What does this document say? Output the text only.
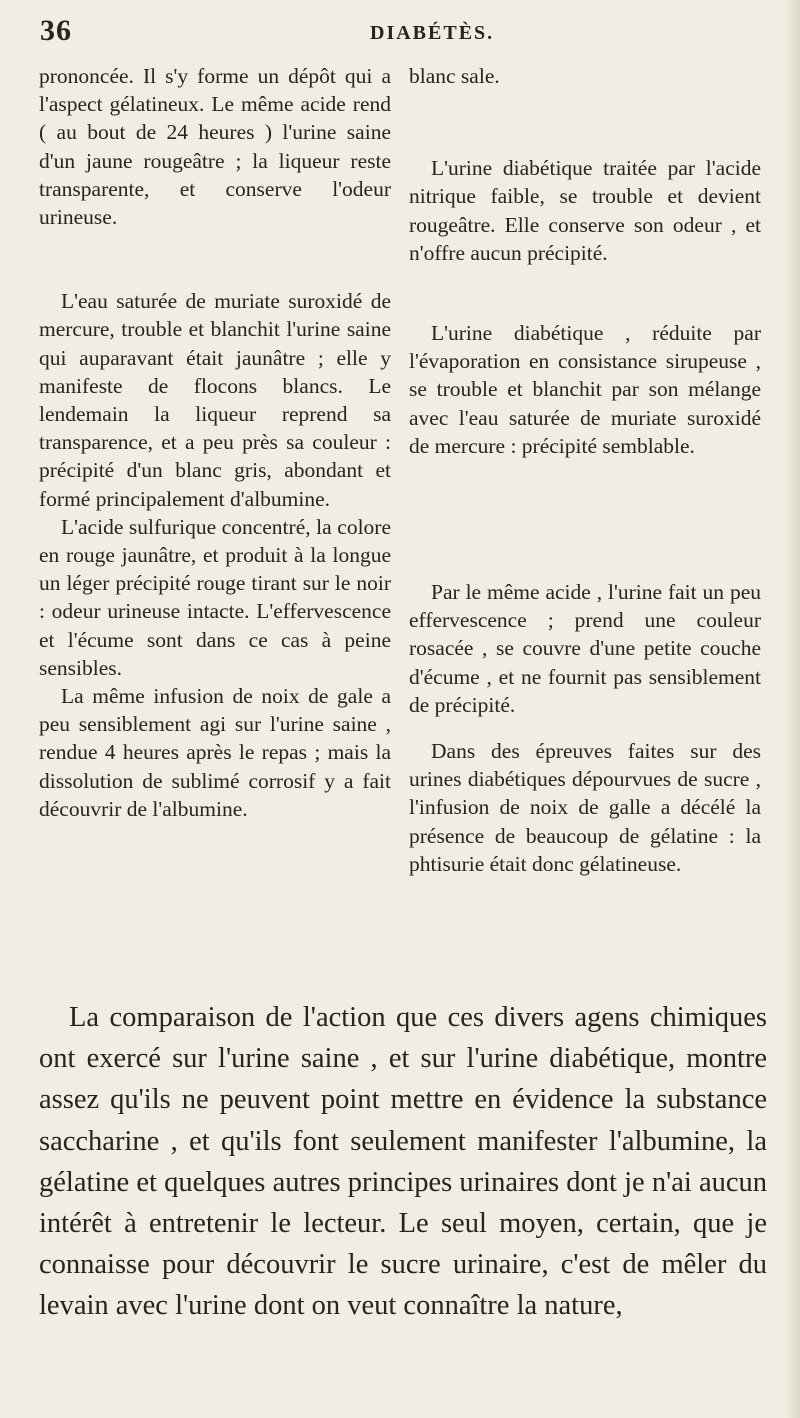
36	DIABÉTÈS.

prononcée. Il s'y forme un dépôt qui a l'aspect gélatineux. Le même acide rend ( au bout de 24 heures ) l'urine saine d'un jaune rougeâtre ; la liqueur reste transparente, et conserve l'odeur urineuse.

L'eau saturée de muriate suroxidé de mercure, trouble et blanchit l'urine saine qui auparavant était jaunâtre ; elle y manifeste de flocons blancs. Le lendemain la liqueur reprend sa transparence, et a peu près sa couleur : précipité d'un blanc gris, abondant et formé principalement d'albumine.

L'acide sulfurique concentré, la colore en rouge jaunâtre, et produit à la longue un léger précipité rouge tirant sur le noir : odeur urineuse intacte. L'effervescence et l'écume sont dans ce cas à peine sensibles.

La même infusion de noix de gale a peu sensiblement agi sur l'urine saine , rendue 4 heures après le repas ; mais la dissolution de sublimé corrosif y a fait découvrir de l'albumine.

blanc sale.

L'urine diabétique traitée par l'acide nitrique faible, se trouble et devient rougeâtre. Elle conserve son odeur , et n'offre aucun précipité.

L'urine diabétique , réduite par l'évaporation en consistance sirupeuse , se trouble et blanchit par son mélange avec l'eau saturée de muriate suroxidé de mercure : précipité semblable.

Par le même acide , l'urine fait un peu effervescence ; prend une couleur rosacée , se couvre d'une petite couche d'écume , et ne fournit pas sensiblement de précipité.

Dans des épreuves faites sur des urines diabétiques dépourvues de sucre , l'infusion de noix de galle a décélé la présence de beaucoup de gélatine : la phtisurie était donc gélatineuse.

La comparaison de l'action que ces divers agens chimiques ont exercé sur l'urine saine , et sur l'urine diabétique, montre assez qu'ils ne peuvent point mettre en évidence la substance saccharine , et qu'ils font seulement manifester l'albumine, la gélatine et quelques autres principes urinaires dont je n'ai aucun intérêt à entretenir le lecteur. Le seul moyen, certain, que je connaisse pour découvrir le sucre urinaire, c'est de mêler du levain avec l'urine dont on veut connaître la nature,
